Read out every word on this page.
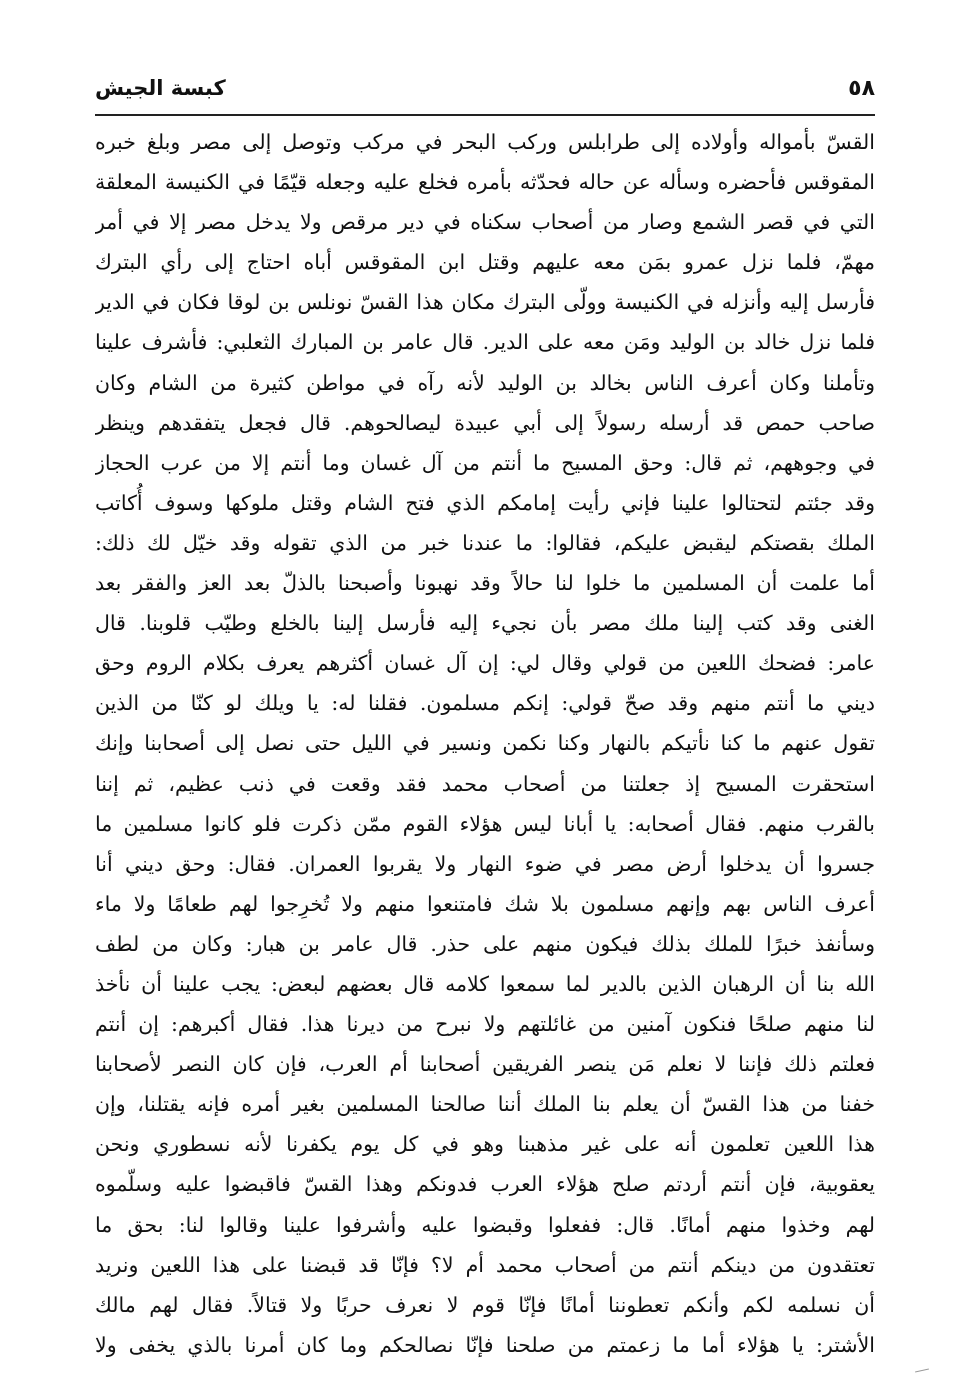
٥٨
كبسة الجيش
القسّ بأمواله وأولاده إلى طرابلس وركب البحر في مركب وتوصل إلى مصر وبلغ خبره
المقوقس فأحضره وسأله عن حاله فحدّثه بأمره فخلع عليه وجعله قيّمًا في الكنيسة المعلقة
التي في قصر الشمع وصار من أصحاب سكناه في دير مرقص ولا يدخل مصر إلا في أمر
مهمّ، فلما نزل عمرو بمَن معه عليهم وقتل ابن المقوقس أباه احتاج إلى رأي البترك
فأرسل إليه وأنزله في الكنيسة وولّى البترك مكان هذا القسّ نونلس بن لوقا فكان في الدير
فلما نزل خالد بن الوليد ومَن معه على الدير. قال عامر بن المبارك الثعلبي: فأشرف علينا
وتأملنا وكان أعرف الناس بخالد بن الوليد لأنه رآه في مواطن كثيرة من الشام وكان
صاحب حمص قد أرسله رسولاً إلى أبي عبيدة ليصالحوهم. قال فجعل يتفقدهم وينظر
في وجوههم، ثم قال: وحق المسيح ما أنتم من آل غسان وما أنتم إلا من عرب الحجاز
وقد جئتم لتحتالوا علينا فإني رأيت إمامكم الذي فتح الشام وقتل ملوكها وسوف أُكاتب
الملك بقصتكم ليقبض عليكم، فقالوا: ما عندنا خبر من الذي تقوله وقد خيّل لك ذلك:
أما علمت أن المسلمين ما خلوا لنا حالاً وقد نهبونا وأصبحنا بالذلّ بعد العز والفقر بعد
الغنى وقد كتب إلينا ملك مصر بأن نجيء إليه فأرسل إلينا بالخلع وطيّب قلوبنا. قال
عامر: فضحك اللعين من قولي وقال لي: إن آل غسان أكثرهم يعرف بكلام الروم وحق
ديني ما أنتم منهم وقد صحّ قولي: إنكم مسلمون. فقلنا له: يا ويلك لو كنّا من الذين
تقول عنهم ما كنا نأتيكم بالنهار وكنا نكمن ونسير في الليل حتى نصل إلى أصحابنا وإنك
استحقرت المسيح إذ جعلتنا من أصحاب محمد فقد وقعت في ذنب عظيم، ثم إننا
بالقرب منهم. فقال أصحابه: يا أبانا ليس هؤلاء القوم ممّن ذكرت فلو كانوا مسلمين ما
جسروا أن يدخلوا أرض مصر في ضوء النهار ولا يقربوا العمران. فقال: وحق ديني أنا
أعرف الناس بهم وإنهم مسلمون بلا شك فامتنعوا منهم ولا تُخرِجوا لهم طعامًا ولا ماء
وسأنفذ خبرًا للملك بذلك فيكون منهم على حذر. قال عامر بن هبار: وكان من لطف
الله بنا أن الرهبان الذين بالدير لما سمعوا كلامه قال بعضهم لبعض: يجب علينا أن نأخذ
لنا منهم صلحًا فنكون آمنين من غائلتهم ولا نبرح من ديرنا هذا. فقال أكبرهم: إن أنتم
فعلتم ذلك فإننا لا نعلم مَن ينصر الفريقين أصحابنا أم العرب، فإن كان النصر لأصحابنا
خفنا من هذا القسّ أن يعلم بنا الملك أننا صالحنا المسلمين بغير أمره فإنه يقتلنا، وإن
هذا اللعين تعلمون أنه على غير مذهبنا وهو في كل يوم يكفرنا لأنه نسطوري ونحن
يعقوبية، فإن أنتم أردتم صلح هؤلاء العرب فدونكم وهذا القسّ فاقبضوا عليه وسلّموه
لهم وخذوا منهم أمانًا. قال: ففعلوا وقبضوا عليه وأشرفوا علينا وقالوا لنا: بحق ما
تعتقدون من دينكم أنتم من أصحاب محمد أم لا؟ فإنّا قد قبضنا على هذا اللعين ونريد
أن نسلمه لكم وأنكم تعطوننا أمانًا فإنّا قوم لا نعرف حربًا ولا قتالاً. فقال لهم مالك
الأشتر: يا هؤلاء أما ما زعمتم من صلحنا فإنّا نصالحكم وما كان أمرنا بالذي يخفى ولا
